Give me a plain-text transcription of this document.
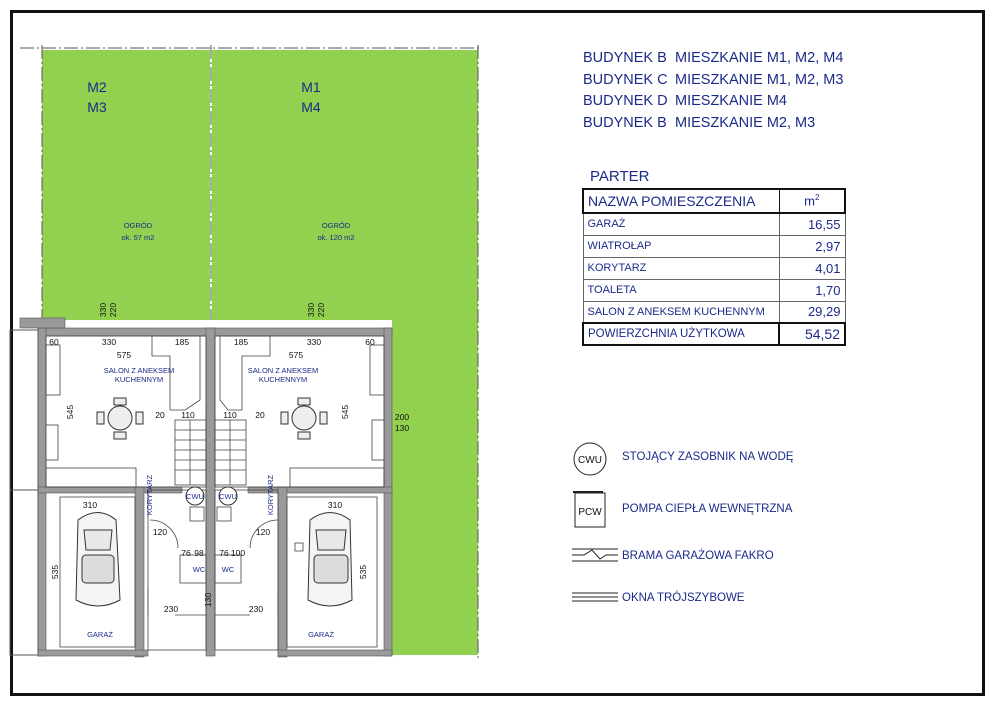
CWU CWU
M2
M3
M1
M4
OGRÓD
ok. 57 m2
OGRÓD
ok. 120 m2
SALON Z ANEKSEM
KUCHENNYM
SALON Z ANEKSEM
KUCHENNYM
GARAŻ	GARAŻ
KORYTARZ	KORYTARZ
WC WC
330 220	330 220
60	330	185	185	330	60
575	575
545	545
20 110	110 20	200
130
310	310
535	535
120	120
76 98 76 100
230	230
130
BUDYNEK B MIESZKANIE M1, M2, M4
BUDYNEK C MIESZKANIE M1, M2, M3
BUDYNEK D MIESZKANIE M4
BUDYNEK B MIESZKANIE M2, M3
PARTER
NAZWA POMIESZCZENIA	$m^2$
GARAŻ	16,55
WIATROŁAP	2,97
KORYTARZ	4,01
TOALETA	1,70
SALON Z ANEKSEM KUCHENNYM	29,29
POWIERZCHNIA UŻYTKOWA	54,52
CWU STOJĄCY ZASOBNIK NA WODĘ
PCW POMPA CIEPŁA WEWNĘTRZNA
BRAMA GARAŻOWA FAKRO
OKNA TRÓJSZYBOWE
